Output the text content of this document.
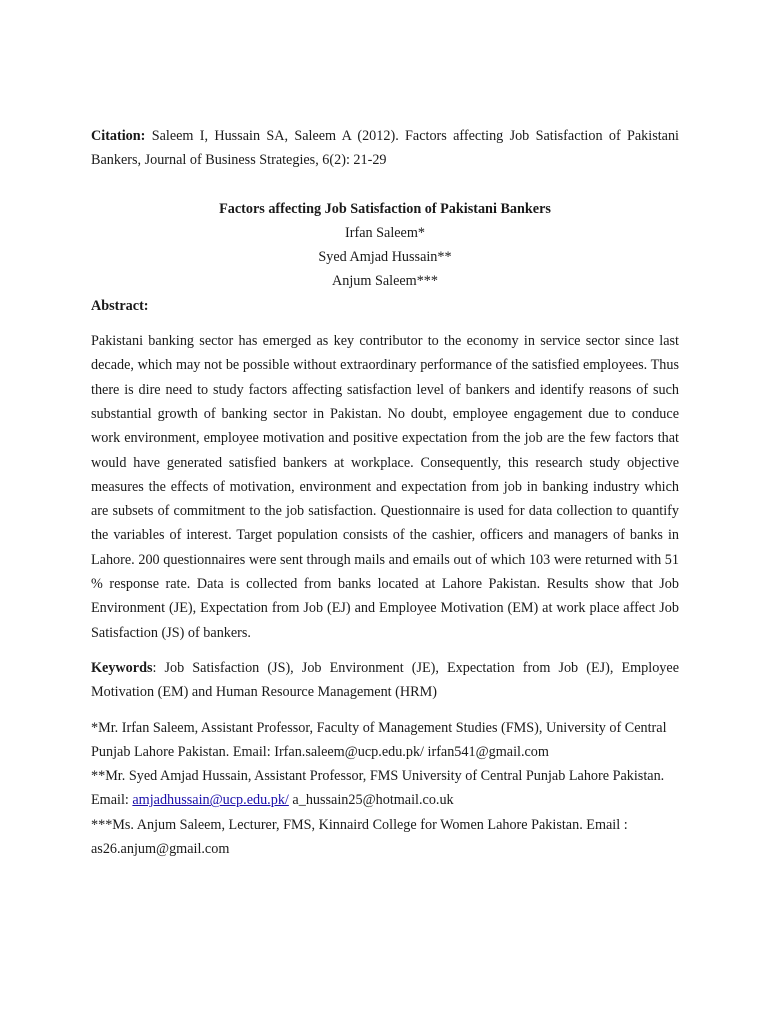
Citation: Saleem I, Hussain SA, Saleem A (2012). Factors affecting Job Satisfaction of Pakistani Bankers, Journal of Business Strategies, 6(2): 21-29

Factors affecting Job Satisfaction of Pakistani Bankers

Irfan Saleem*

Syed Amjad Hussain**

Anjum Saleem***

Abstract:

Pakistani banking sector has emerged as key contributor to the economy in service sector since last decade, which may not be possible without extraordinary performance of the satisfied employees. Thus there is dire need to study factors affecting satisfaction level of bankers and identify reasons of such substantial growth of banking sector in Pakistan. No doubt, employee engagement due to conduce work environment, employee motivation and positive expectation from the job are the few factors that would have generated satisfied bankers at workplace. Consequently, this research study objective measures the effects of motivation, environment and expectation from job in banking industry which are subsets of commitment to the job satisfaction. Questionnaire is used for data collection to quantify the variables of interest. Target population consists of the cashier, officers and managers of banks in Lahore. 200 questionnaires were sent through mails and emails out of which 103 were returned with 51 % response rate. Data is collected from banks located at Lahore Pakistan. Results show that Job Environment (JE), Expectation from Job (EJ) and Employee Motivation (EM) at work place affect Job Satisfaction (JS) of bankers.

Keywords: Job Satisfaction (JS), Job Environment (JE), Expectation from Job (EJ), Employee Motivation (EM) and Human Resource Management (HRM)

*Mr. Irfan Saleem, Assistant Professor, Faculty of Management Studies (FMS), University of Central Punjab Lahore Pakistan. Email: Irfan.saleem@ucp.edu.pk/ irfan541@gmail.com

**Mr. Syed Amjad Hussain, Assistant Professor, FMS University of Central Punjab Lahore Pakistan. Email: amjadhussain@ucp.edu.pk/ a_hussain25@hotmail.co.uk

***Ms. Anjum Saleem, Lecturer, FMS, Kinnaird College for Women Lahore Pakistan. Email : as26.anjum@gmail.com
